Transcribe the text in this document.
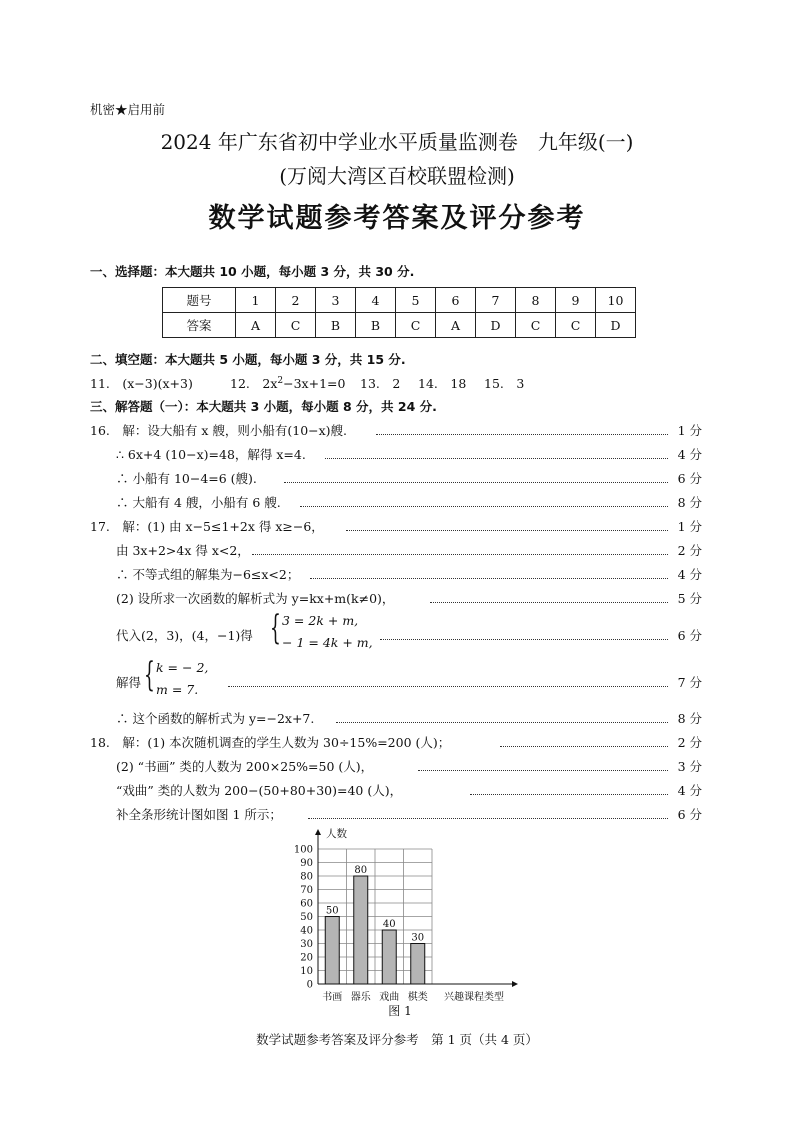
机密★启用前
2024 年广东省初中学业水平质量监测卷　九年级(一)
(万阅大湾区百校联盟检测)
数学试题参考答案及评分参考
一、选择题：本大题共 10 小题，每小题 3 分，共 30 分.
题号	1	2	3	4	5	6	7	8	9	10
答案	A	C	B	B	C	A	D	C	C	D
二、填空题：本大题共 5 小题，每小题 3 分，共 15 分.
11.　(x−3)(x+3)	12.　$2x^2-3x+1=0$ 13.　2 14.　18 15.　3
三、解答题（一）：本大题共 3 小题，每小题 8 分，共 24 分.
16.　解：设大船有 x 艘，则小船有(10−x)艘.	1 分
∴ 6x+4 (10−x)=48，解得 x=4.	4 分
∴ 小船有 10−4=6 (艘).	6 分
∴ 大船有 4 艘，小船有 6 艘.	8 分
17.　解：(1) 由 x−5≤1+2x 得 x≥−6，	1 分
由 3x+2>4x 得 x<2，	2 分
∴ 不等式组的解集为−6≤x<2；	4 分
(2) 设所求一次函数的解析式为 y=kx+m(k≠0)，	5 分
代入(2，3)，(4，−1)得 { 3 = 2k + m,
− 1 = 4k + m,	6 分
解得 { k = − 2,
m = 7.	7 分
∴ 这个函数的解析式为 y=−2x+7.	8 分
18.　解：(1) 本次随机调查的学生人数为 30÷15%=200 (人)；	2 分
(2) “书画” 类的人数为 200×25%=50 (人)，	3 分
“戏曲” 类的人数为 200−(50+80+30)=40 (人)，	4 分
补全条形统计图如图 1 所示；	6 分
0
10
20
30
40
50
60
70
80
90
100
人数
兴趣课程类型
50
书画
80
器乐
40
戏曲
30
棋类
图 1
数学试题参考答案及评分参考　第 1 页（共 4 页）
